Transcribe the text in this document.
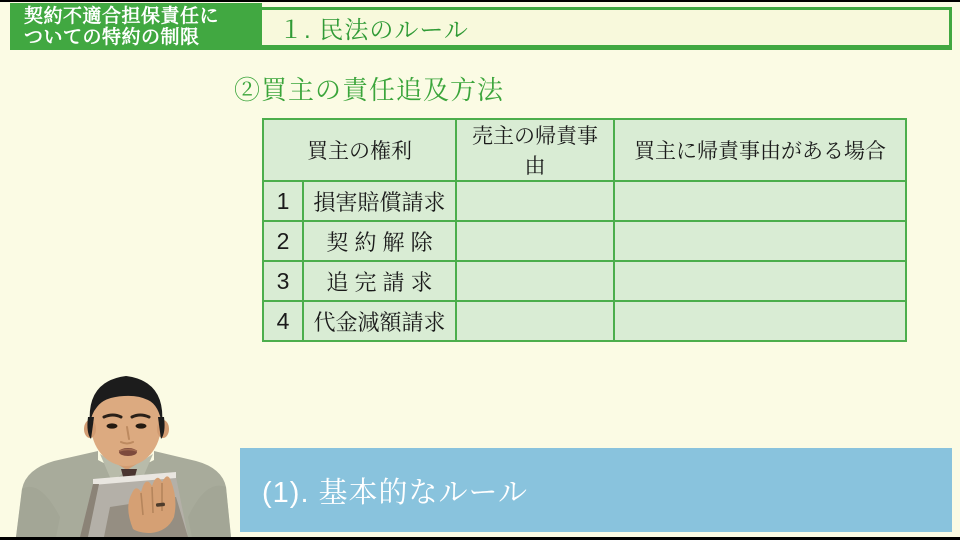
契約不適合担保責任に
ついての特約の制限	１. 民法のルール
②買主の責任追及方法
買主の権利		売主の帰責事由	買主に帰責事由がある場合
1	損害賠償請求		
2	契 約 解 除		
3	追 完 請 求		
4	代金減額請求		
(1). 基本的なルール
